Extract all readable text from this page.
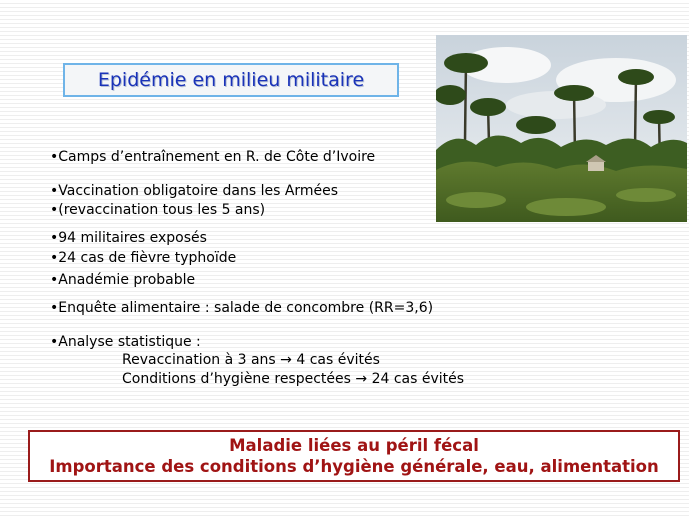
Epidémie en milieu militaire
•Camps d’entraînement en R. de Côte d’Ivoire
•Vaccination obligatoire dans les Armées
•(revaccination tous les 5 ans)
•94 militaires exposés
•24 cas de fièvre typhoïde
•Anadémie probable
•Enquête alimentaire : salade de concombre (RR=3,6)
•Analyse statistique :
Revaccination à 3 ans → 4 cas évités
Conditions d’hygiène respectées → 24 cas évités
Maladie liées au péril fécal
Importance des conditions d’hygiène générale, eau, alimentation
